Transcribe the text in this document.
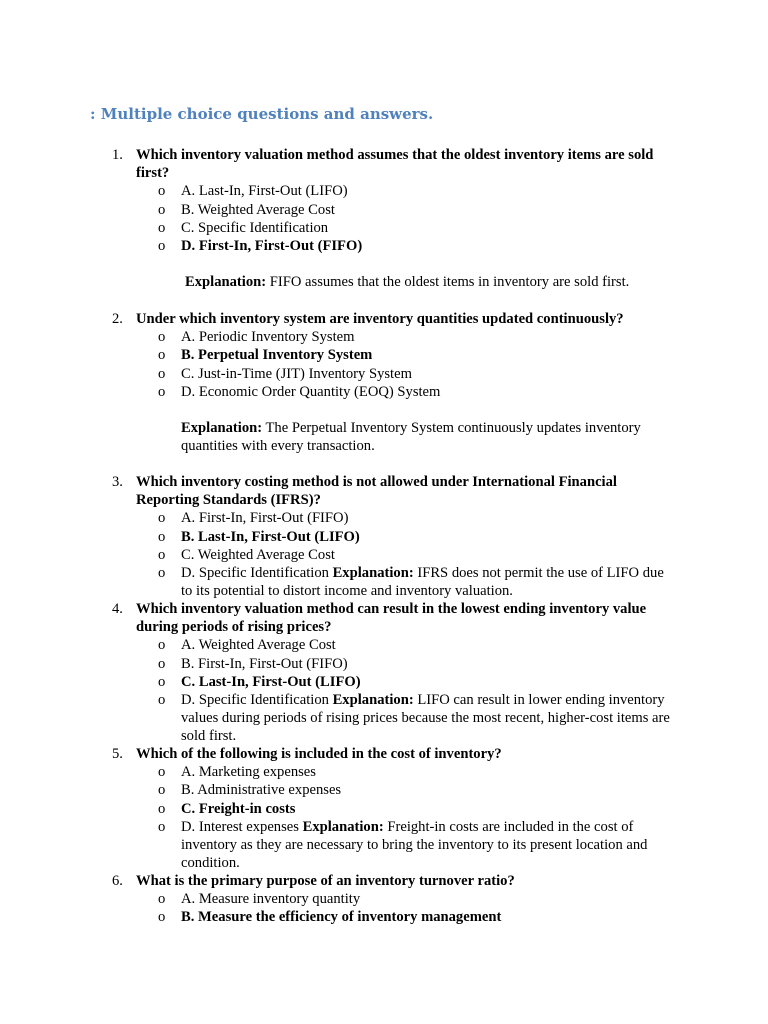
: Multiple choice questions and answers.
1. Which inventory valuation method assumes that the oldest inventory items are sold first?
o A. Last-In, First-Out (LIFO)
o B. Weighted Average Cost
o C. Specific Identification
o D. First-In, First-Out (FIFO)
Explanation: FIFO assumes that the oldest items in inventory are sold first.
2. Under which inventory system are inventory quantities updated continuously?
o A. Periodic Inventory System
o B. Perpetual Inventory System
o C. Just-in-Time (JIT) Inventory System
o D. Economic Order Quantity (EOQ) System
Explanation: The Perpetual Inventory System continuously updates inventory quantities with every transaction.
3. Which inventory costing method is not allowed under International Financial Reporting Standards (IFRS)?
o A. First-In, First-Out (FIFO)
o B. Last-In, First-Out (LIFO)
o C. Weighted Average Cost
o D. Specific Identification Explanation: IFRS does not permit the use of LIFO due to its potential to distort income and inventory valuation.
4. Which inventory valuation method can result in the lowest ending inventory value during periods of rising prices?
o A. Weighted Average Cost
o B. First-In, First-Out (FIFO)
o C. Last-In, First-Out (LIFO)
o D. Specific Identification Explanation: LIFO can result in lower ending inventory values during periods of rising prices because the most recent, higher-cost items are sold first.
5. Which of the following is included in the cost of inventory?
o A. Marketing expenses
o B. Administrative expenses
o C. Freight-in costs
o D. Interest expenses Explanation: Freight-in costs are included in the cost of inventory as they are necessary to bring the inventory to its present location and condition.
6. What is the primary purpose of an inventory turnover ratio?
o A. Measure inventory quantity
o B. Measure the efficiency of inventory management
